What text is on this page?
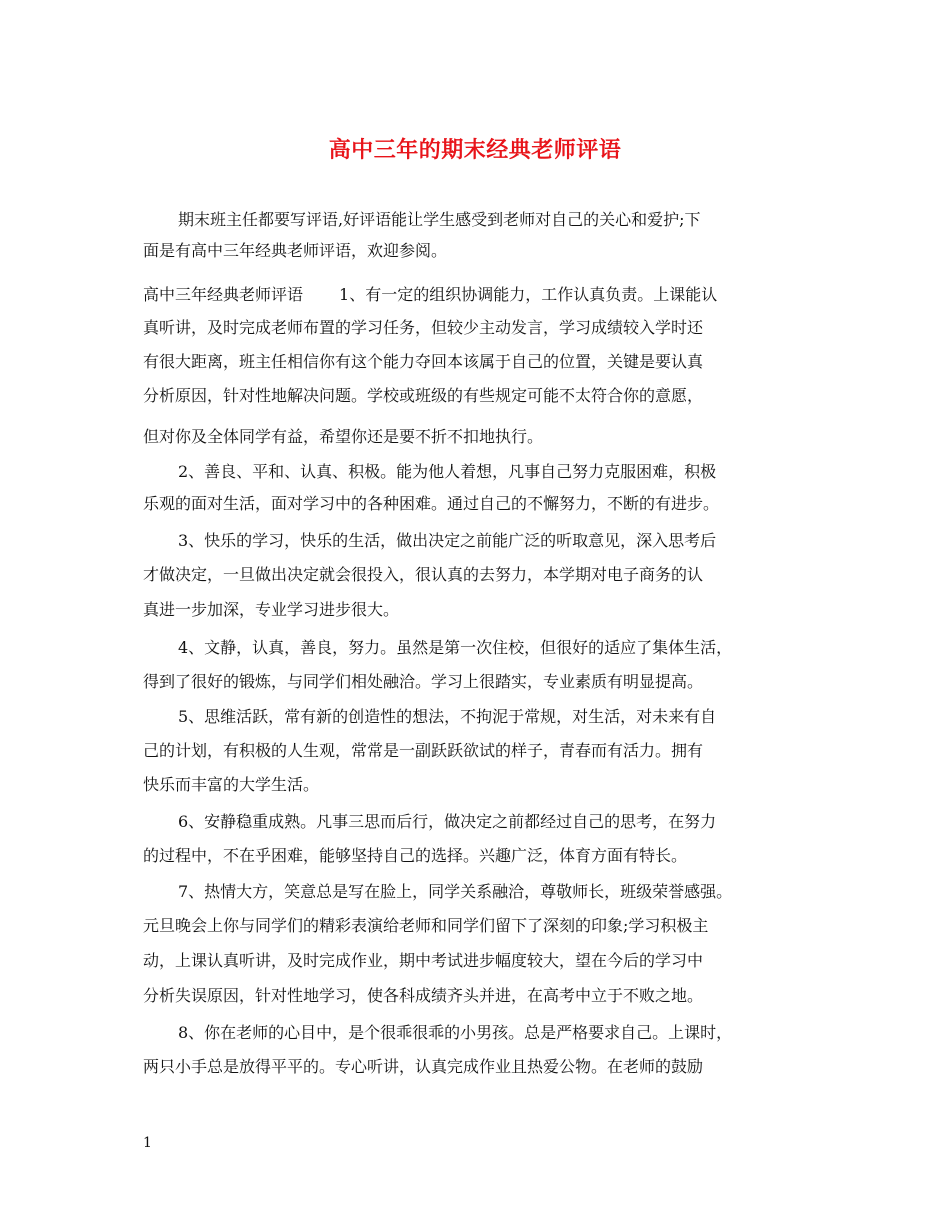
高中三年的期末经典老师评语
期末班主任都要写评语,好评语能让学生感受到老师对自己的关心和爱护;下
面是有高中三年经典老师评语，欢迎参阅。
高中三年经典老师评语 1、有一定的组织协调能力，工作认真负责。上课能认
真听讲，及时完成老师布置的学习任务，但较少主动发言，学习成绩较入学时还
有很大距离，班主任相信你有这个能力夺回本该属于自己的位置，关键是要认真
分析原因，针对性地解决问题。学校或班级的有些规定可能不太符合你的意愿，
但对你及全体同学有益，希望你还是要不折不扣地执行。
2、善良、平和、认真、积极。能为他人着想，凡事自己努力克服困难，积极
乐观的面对生活，面对学习中的各种困难。通过自己的不懈努力，不断的有进步。
3、快乐的学习，快乐的生活，做出决定之前能广泛的听取意见，深入思考后
才做决定，一旦做出决定就会很投入，很认真的去努力，本学期对电子商务的认
真进一步加深，专业学习进步很大。
4、文静，认真，善良，努力。虽然是第一次住校，但很好的适应了集体生活，
得到了很好的锻炼，与同学们相处融洽。学习上很踏实，专业素质有明显提高。
5、思维活跃，常有新的创造性的想法，不拘泥于常规，对生活，对未来有自
己的计划，有积极的人生观，常常是一副跃跃欲试的样子，青春而有活力。拥有
快乐而丰富的大学生活。
6、安静稳重成熟。凡事三思而后行，做决定之前都经过自己的思考，在努力
的过程中，不在乎困难，能够坚持自己的选择。兴趣广泛，体育方面有特长。
7、热情大方，笑意总是写在脸上，同学关系融洽，尊敬师长，班级荣誉感强。
元旦晚会上你与同学们的精彩表演给老师和同学们留下了深刻的印象;学习积极主
动，上课认真听讲，及时完成作业，期中考试进步幅度较大，望在今后的学习中
分析失误原因，针对性地学习，使各科成绩齐头并进，在高考中立于不败之地。
8、你在老师的心目中，是个很乖很乖的小男孩。总是严格要求自己。上课时，
两只小手总是放得平平的。专心听讲，认真完成作业且热爱公物。在老师的鼓励
1
